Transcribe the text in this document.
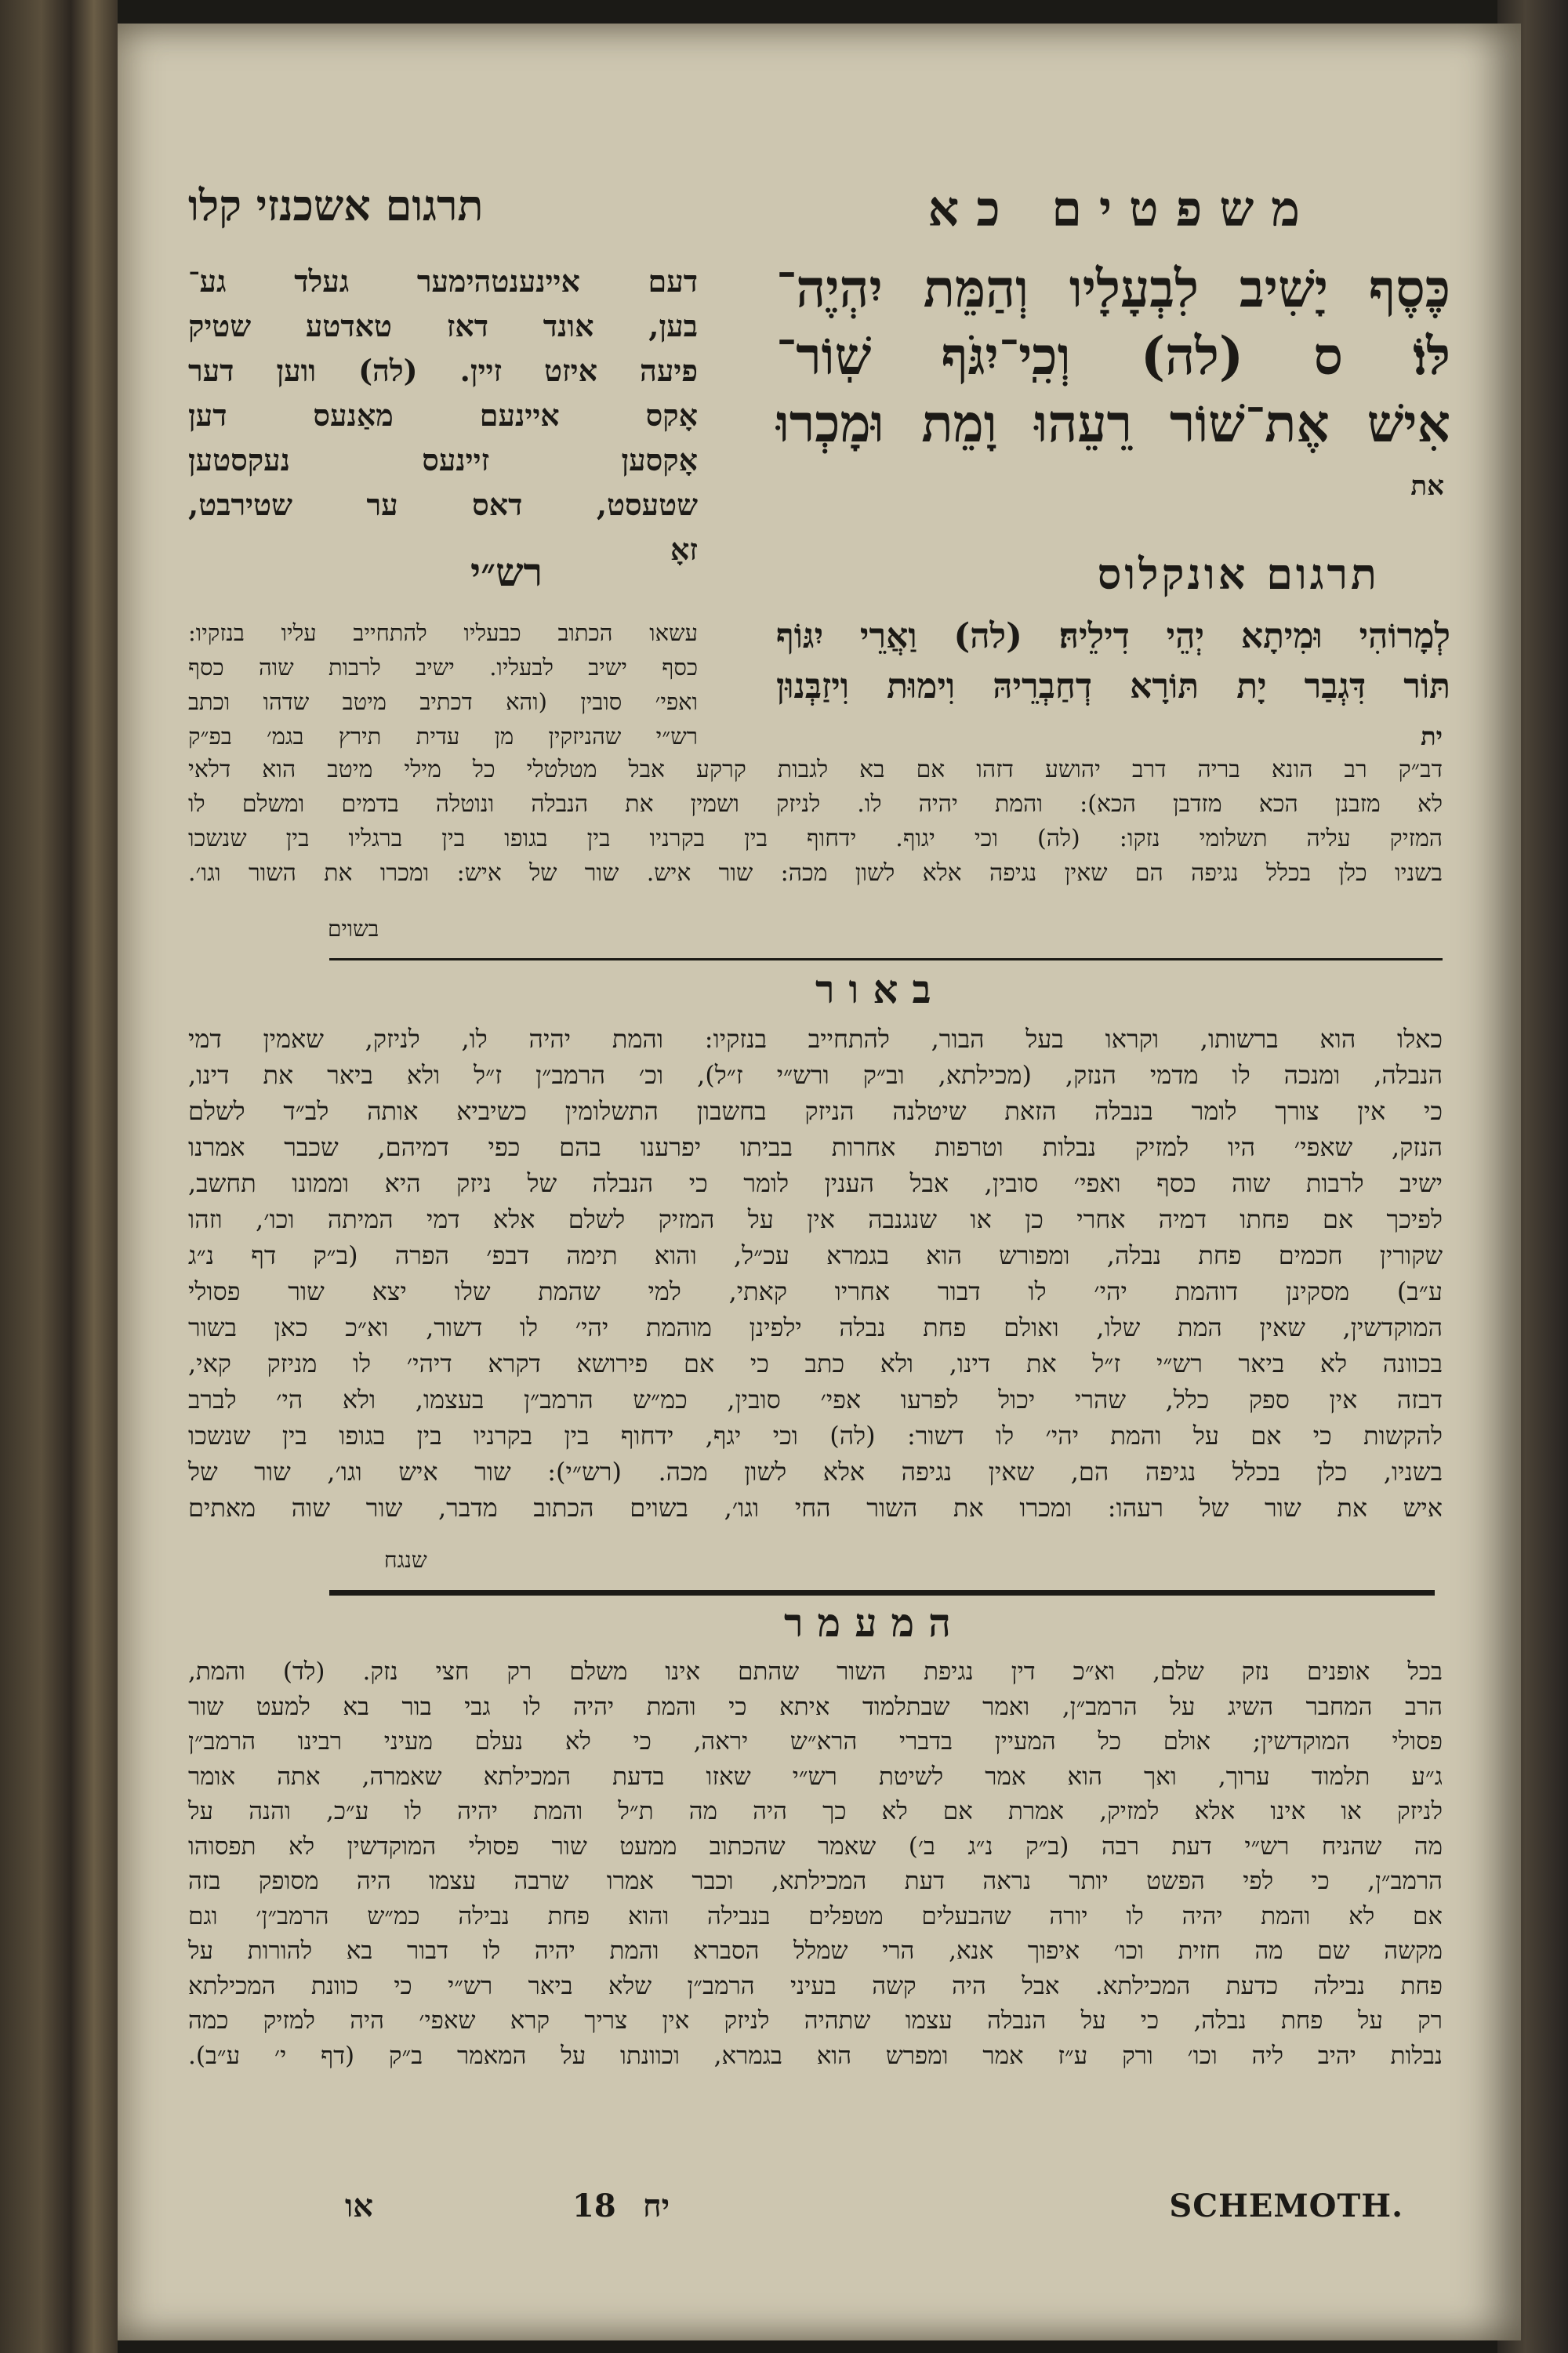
משפטים כא
תרגום אשכנזי קלו
כֶּסֶף יָשִׁיב לִבְעָלָיו וְהַמֵּת יִהְיֶה־
לּוֹ׃ ס (לה) וְכִֽי־יִגֹּף שֽׁוֹר־
אִישׁ אֶת־שׁוֹר רֵעֵהוּ וָמֵת וּמָכְרוּ
את
דעם איינענטהימער געלד גע־
בען, אונד דאז טאדטע שטיק
פיעה איזט זיין. (לה) ווען דער
אָקס איינעם מאַנעס דען
אָקסען זיינעס נעקסטען
שטעסט, דאס ער שטירבט,
זאָ	תרגום אונקלוס
לְמָרוֹהִי וּמִיתָא יְהֵי דִילֵיהּ׃ (לה) וַאֲרֵי יִגּוֹף
תּוֹר דִּגְבַר יָת תּוֹרָא דְחַבְרֵיהּ וִימוּת וִיזַבְּנוּן
ית
רש״י
עשאו הכתוב כבעליו להתחייב עליו בנזקיו:
כסף ישיב לבעליו. ישיב לרבות שוה כסף
ואפי׳ סובין (והא דכתיב מיטב שדהו וכתב
רש״י שהניזקין מן עדית תירץ בגמ׳ בפ״ק
דב״ק רב הונא בריה דרב יהושע דזהו אם בא לגבות קרקע אבל מטלטלי כל מילי מיטב הוא דלאי
לא מזבנן הכא מזדבן הכא): והמת יהיה לו. לניזק ושמין את הנבלה ונוטלה בדמים ומשלם לו
המזיק עליה תשלומי נזקו: (לה) וכי יגוף. ידחוף בין בקרניו בין בגופו בין ברגליו בין שנשכו
בשניו כלן בכלל נגיפה הם שאין נגיפה אלא לשון מכה: שור איש. שור של איש: ומכרו את השור וגו׳.
בשוים
באור
כאלו הוא ברשותו, וקראו בעל הבור, להתחייב בנזקיו: והמת יהיה לו, לניזק, שאמין דמי
הנבלה, ומנכה לו מדמי הנזק, (מכילתא, וב״ק ורש״י ז״ל), וכ׳ הרמב״ן ז״ל ולא ביאר את דינו,
כי אין צורך לומר בנבלה הזאת שיטלנה הניזק בחשבון התשלומין כשיביא אותה לב״ד לשלם
הנזק, שאפי׳ היו למזיק נבלות וטרפות אחרות בביתו יפרענו בהם כפי דמיהם, שכבר אמרנו
ישיב לרבות שוה כסף ואפי׳ סובין, אבל הענין לומר כי הנבלה של ניזק היא וממונו תחשב,
לפיכך אם פחתו דמיה אחרי כן או שנגנבה אין על המזיק לשלם אלא דמי המיתה וכו׳, וזהו
שקורין חכמים פחת נבלה, ומפורש הוא בגמרא עכ״ל, והוא תימה דבפ׳ הפרה (ב״ק דף נ״ג
ע״ב) מסקינן דוהמת יהי׳ לו דבור אחריו קאתי, למי שהמת שלו יצא שור פסולי
המוקדשין, שאין המת שלו, ואולם פחת נבלה ילפינן מוהמת יהי׳ לו דשור, וא״כ כאן בשור
בכוונה לא ביאר רש״י ז״ל את דינו, ולא כתב כי אם פירושא דקרא דיהי׳ לו מניזק קאי,
דבזה אין ספק כלל, שהרי יכול לפרעו אפי׳ סובין, כמ״ש הרמב״ן בעצמו, ולא הי׳ לברב
להקשות כי אם על והמת יהי׳ לו דשור: (לה) וכי יגף, ידחוף בין בקרניו בין בגופו בין שנשכו
בשניו, כלן בכלל נגיפה הם, שאין נגיפה אלא לשון מכה. (רש״י): שור איש וגו׳, שור של
איש את שור של רעהו: ומכרו את השור החי וגו׳, בשוים הכתוב מדבר, שור שוה מאתים
שנגח
המעמר
בכל אופנים נזק שלם, וא״כ דין נגיפת השור שהתם אינו משלם רק חצי נזק. (לד) והמת,
הרב המחבר השיג על הרמב״ן, ואמר שבתלמוד איתא כי והמת יהיה לו גבי בור בא למעט שור
פסולי המוקדשין; אולם כל המעיין בדברי הרא״ש יראה, כי לא נעלם מעיני רבינו הרמב״ן
ג״ע תלמוד ערוך, ואך הוא אמר לשיטת רש״י שאזו בדעת המכילתא שאמרה, אתה אומר
לניזק או אינו אלא למזיק, אמרת אם לא כך היה מה ת״ל והמת יהיה לו ע״כ, והנה על
מה שהניח רש״י דעת רבה (ב״ק נ״ג ב׳) שאמר שהכתוב ממעט שור פסולי המוקדשין לא תפסוהו
הרמב״ן, כי לפי הפשט יותר נראה דעת המכילתא, וכבר אמרו שרבה עצמו היה מסופק בזה
אם לא והמת יהיה לו יורה שהבעלים מטפלים בנבילה והוא פחת נבילה כמ״ש הרמב״ן׳ וגם
מקשה שם מה חזית וכו׳ איפוך אנא, הרי שמלל הסברא והמת יהיה לו דבור בא להורות על
פחת נבילה כדעת המכילתא. אבל היה קשה בעיני הרמב״ן שלא ביאר רש״י כי כוונת המכילתא
רק על פחת נבלה, כי על הנבלה עצמו שתהיה לניזק אין צריך קרא שאפי׳ היה למזיק כמה
נבלות יהיב ליה וכו׳ ורק ע״ז אמר ומפרש הוא בגמרא, וכוונתו על המאמר ב״ק (דף י׳ ע״ב).
או	18 יח	SCHEMOTH.
